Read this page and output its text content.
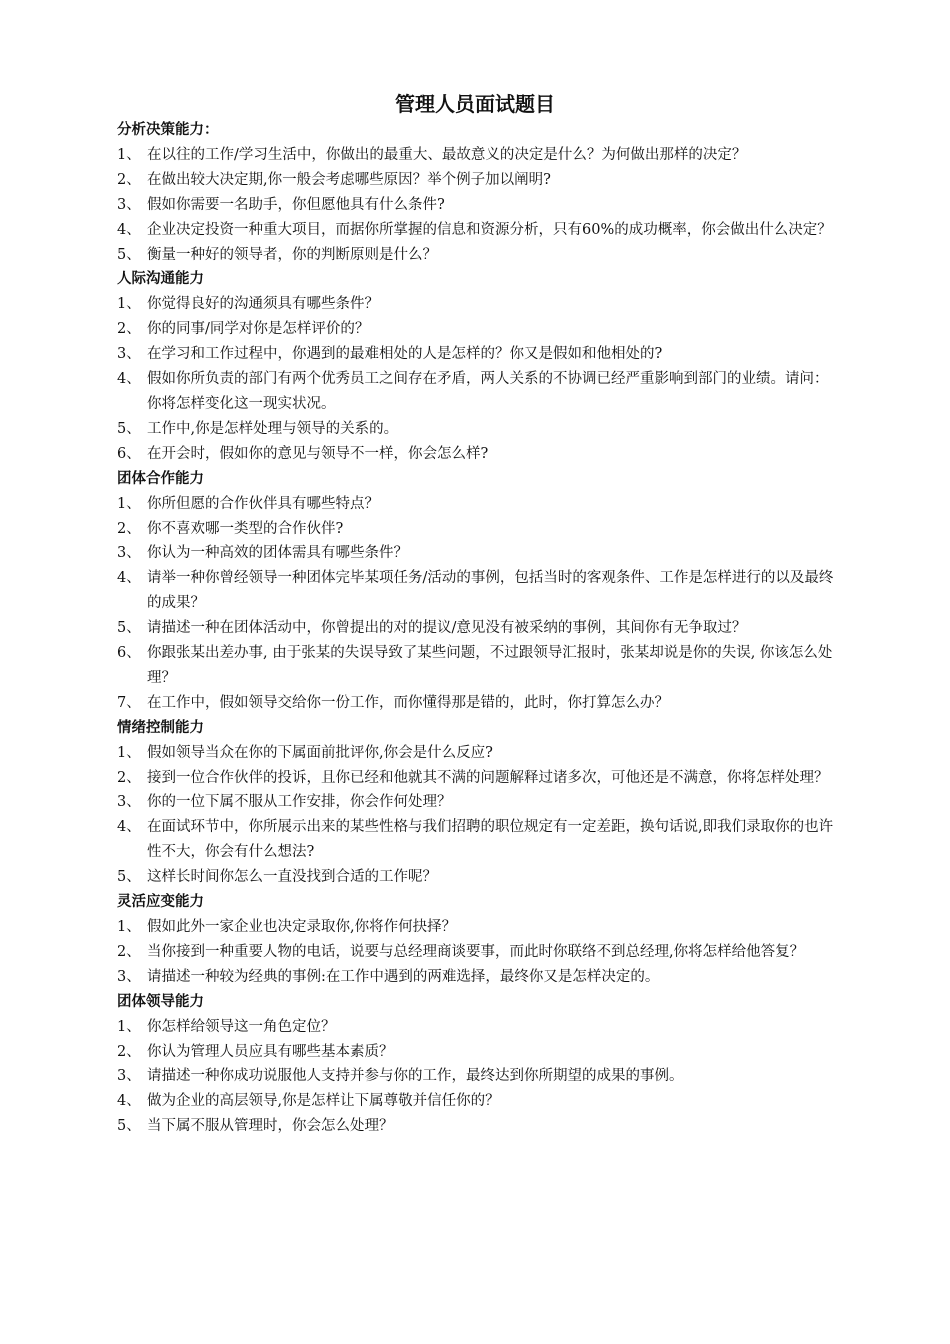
管理人员面试题目
分析决策能力：
1、 在以往的工作/学习生活中，你做出的最重大、最故意义的决定是什么？为何做出那样的决定？
2、 在做出较大决定期,你一般会考虑哪些原因？举个例子加以阐明?
3、 假如你需要一名助手，你但愿他具有什么条件?
4、 企业决定投资一种重大项目，而据你所掌握的信息和资源分析，只有60%的成功概率，你会做出什么决定？
5、 衡量一种好的领导者，你的判断原则是什么？
人际沟通能力
1、 你觉得良好的沟通须具有哪些条件？
2、 你的同事/同学对你是怎样评价的？
3、 在学习和工作过程中，你遇到的最难相处的人是怎样的？你又是假如和他相处的?
4、 假如你所负责的部门有两个优秀员工之间存在矛盾，两人关系的不协调已经严重影响到部门的业绩。请问：你将怎样变化这一现实状况。
5、 工作中,你是怎样处理与领导的关系的。
6、 在开会时，假如你的意见与领导不一样，你会怎么样?
团体合作能力
1、 你所但愿的合作伙伴具有哪些特点？
2、 你不喜欢哪一类型的合作伙伴?
3、 你认为一种高效的团体需具有哪些条件？
4、 请举一种你曾经领导一种团体完毕某项任务/活动的事例，包括当时的客观条件、工作是怎样进行的以及最终的成果？
5、 请描述一种在团体活动中，你曾提出的对的提议/意见没有被采纳的事例，其间你有无争取过？
6、 你跟张某出差办事, 由于张某的失误导致了某些问题，不过跟领导汇报时，张某却说是你的失误, 你该怎么处理？
7、 在工作中，假如领导交给你一份工作，而你懂得那是错的，此时，你打算怎么办？
情绪控制能力
1、 假如领导当众在你的下属面前批评你,你会是什么反应?
2、 接到一位合作伙伴的投诉，且你已经和他就其不满的问题解释过诸多次，可他还是不满意，你将怎样处理？
3、 你的一位下属不服从工作安排，你会作何处理？
4、 在面试环节中，你所展示出来的某些性格与我们招聘的职位规定有一定差距，换句话说,即我们录取你的也许性不大，你会有什么想法?
5、 这样长时间你怎么一直没找到合适的工作呢？
灵活应变能力
1、 假如此外一家企业也决定录取你,你将作何抉择？
2、 当你接到一种重要人物的电话，说要与总经理商谈要事，而此时你联络不到总经理,你将怎样给他答复？
3、 请描述一种较为经典的事例:在工作中遇到的两难选择，最终你又是怎样决定的。
团体领导能力
1、 你怎样给领导这一角色定位？
2、 你认为管理人员应具有哪些基本素质？
3、 请描述一种你成功说服他人支持并参与你的工作，最终达到你所期望的成果的事例。
4、 做为企业的高层领导,你是怎样让下属尊敬并信任你的？
5、 当下属不服从管理时，你会怎么处理？
